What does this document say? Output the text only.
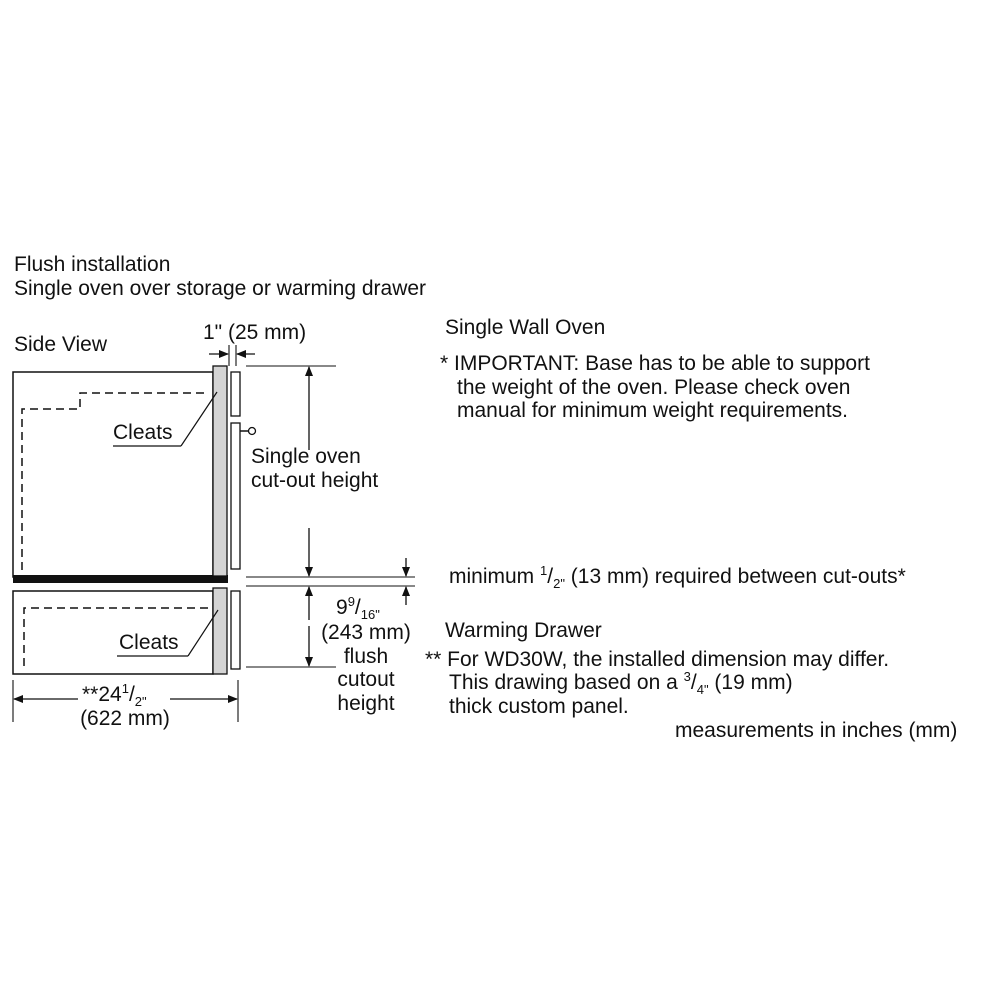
Flush installation
Single oven over storage or warming drawer
Side View
1" (25 mm)
Cleats
Cleats
Single oven
cut-out height
$9^9/_{16"}$
(243 mm)
flush
cutout
height
$**24^1/_{2"}$
(622 mm)
Single Wall Oven
* IMPORTANT: Base has to be able to support
the weight of the oven. Please check oven
manual for minimum weight requirements.
minimum $^1/_{2"}$ (13 mm) required between cut-outs*
Warming Drawer
** For WD30W, the installed dimension may differ.
This drawing based on a $^3/_{4"}$ (19 mm)
thick custom panel.
measurements in inches (mm)
